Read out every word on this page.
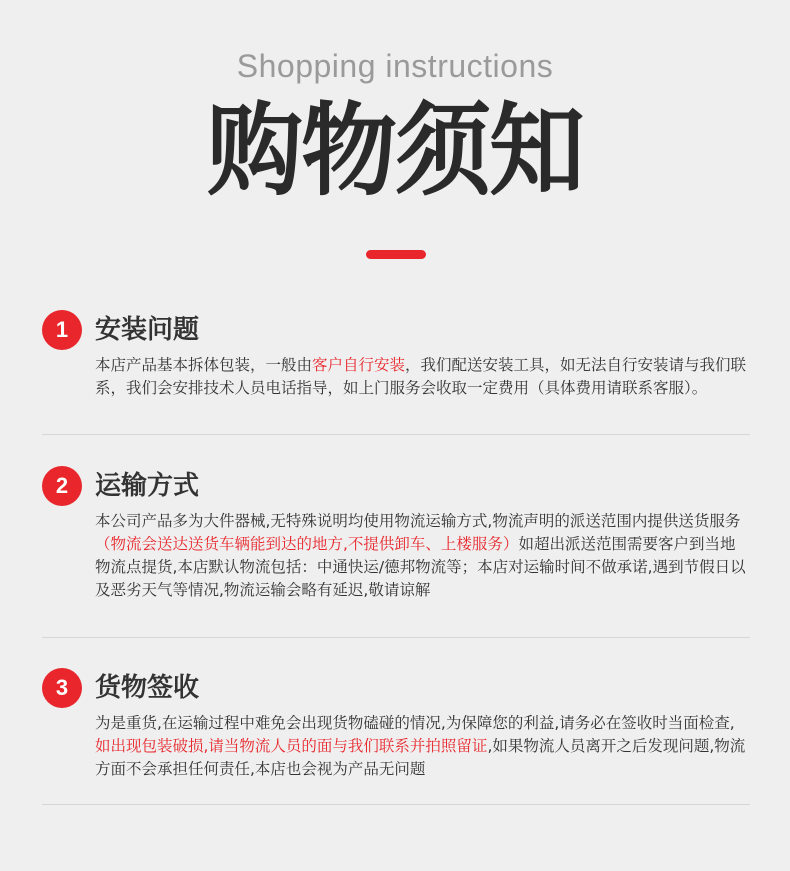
Shopping instructions
购物须知
1	安装问题
本店产品基本拆体包装，一般由客户自行安装，我们配送安装工具，如无法自行安装请与我们联系，我们会安排技术人员电话指导，如上门服务会收取一定费用（具体费用请联系客服）。
2	运输方式
本公司产品多为大件器械,无特殊说明均使用物流运输方式,物流声明的派送范围内提供送货服务（物流会送达送货车辆能到达的地方,不提供卸车、上楼服务）如超出派送范围需要客户到当地物流点提货,本店默认物流包括：中通快运/德邦物流等；本店对运输时间不做承诺,遇到节假日以及恶劣天气等情况,物流运输会略有延迟,敬请谅解
3	货物签收
为是重货,在运输过程中难免会出现货物磕碰的情况,为保障您的利益,请务必在签收时当面检查,如出现包装破损,请当物流人员的面与我们联系并拍照留证,如果物流人员离开之后发现问题,物流方面不会承担任何责任,本店也会视为产品无问题
